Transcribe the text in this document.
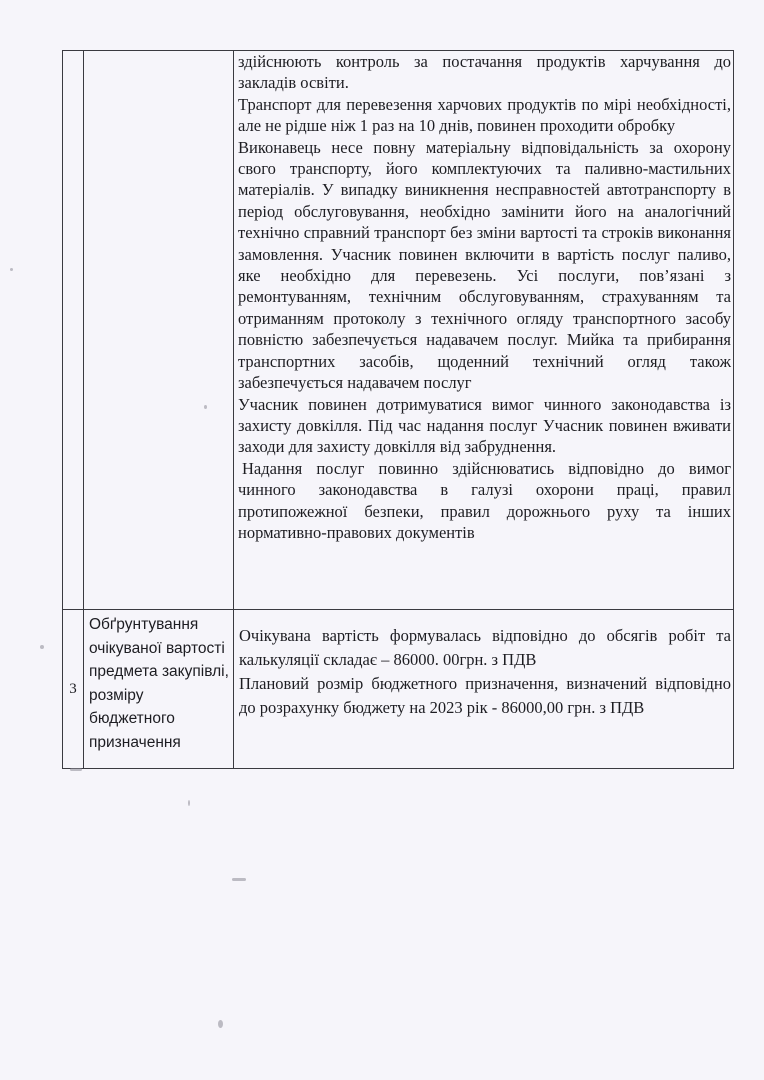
		здійснюють контроль за постачання продуктів харчування до закладів освіти.

Транспорт для перевезення харчових продуктів по мірі необхідності, але не рідше ніж 1 раз на 10 днів, повинен проходити обробку

Виконавець несе повну матеріальну відповідальність за охорону свого транспорту, його комплектуючих та паливно-мастильних матеріалів. У випадку виникнення несправностей автотранспорту в період обслуговування, необхідно замінити його на аналогічний технічно справний транспорт без зміни вартості та строків виконання замовлення. Учасник повинен включити в вартість послуг паливо, яке необхідно для перевезень. Усі послуги, пов’язані з ремонтуванням, технічним обслуговуванням, страхуванням та отриманням протоколу з технічного огляду транспортного засобу повністю забезпечується надавачем послуг. Мийка та прибирання транспортних засобів, щоденний технічний огляд також забезпечується надавачем послуг

Учасник повинен дотримуватися вимог чинного законодавства із захисту довкілля. Під час надання послуг Учасник повинен вживати заходи для захисту довкілля від забруднення.

Надання послуг повинно здійснюватись відповідно до вимог чинного законодавства в галузі охорони праці, правил протипожежної безпеки, правил дорожнього руху та інших нормативно-правових документів

3	Обґрунтування очікуваної вартості предмета закупівлі, розміру бюджетного призначення	Очікувана вартість формувалась відповідно до обсягів робіт та калькуляції складає – 86000. 00грн. з ПДВ

Плановий розмір бюджетного призначення, визначений відповідно до розрахунку бюджету на 2023 рік - 86000,00 грн. з ПДВ
